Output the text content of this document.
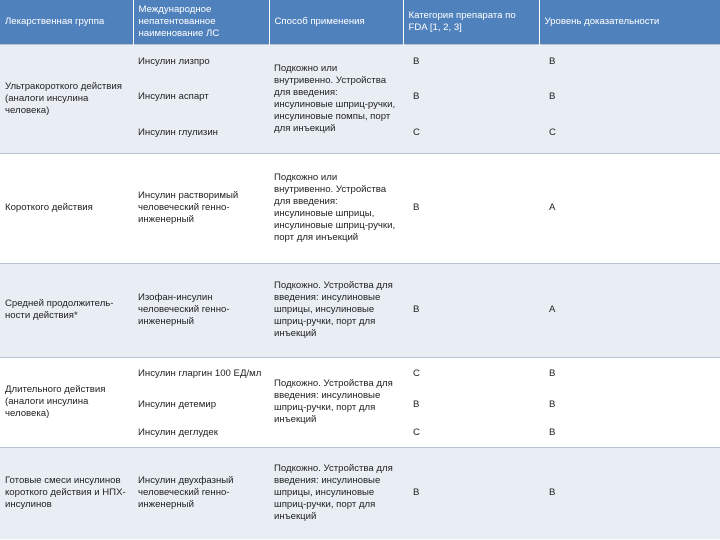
Лекарственная группа	Международное непатентованное наименование ЛС	Способ применения	Категория препарата по FDA [1, 2, 3]	Уровень доказательности
Ультракороткого действия (аналоги инсулина человека)	Инсулин лизпро	Подкожно или внутривенно. Устройства для введения: инсулиновые шприц-ручки, инсулиновые помпы, порт для инъекций	B	B
	Инсулин аспарт		B	B
	Инсулин глулизин		C	C
Короткого действия	Инсулин растворимый человеческий генно-инженерный	Подкожно или внутривенно. Устройства для введения: инсулиновые шприцы, инсулиновые шприц-ручки, порт для инъекций	B	A
Средней продолжитель-ности действия*	Изофан-инсулин человеческий генно-инженерный	Подкожно. Устройства для введения: инсулиновые шприцы, инсулиновые шприц-ручки, порт для инъекций	B	A
Длительного действия (аналоги инсулина человека)	Инсулин гларгин 100 ЕД/мл	Подкожно. Устройства для введения: инсулиновые шприц-ручки, порт для инъекций	C	B
	Инсулин детемир		B	B
	Инсулин деглудек		C	B
Готовые смеси инсулинов короткого действия и НПХ-инсулинов	Инсулин двухфазный человеческий генно-инженерный	Подкожно. Устройства для введения: инсулиновые шприцы, инсулиновые шприц-ручки, порт для инъекций	B	B
